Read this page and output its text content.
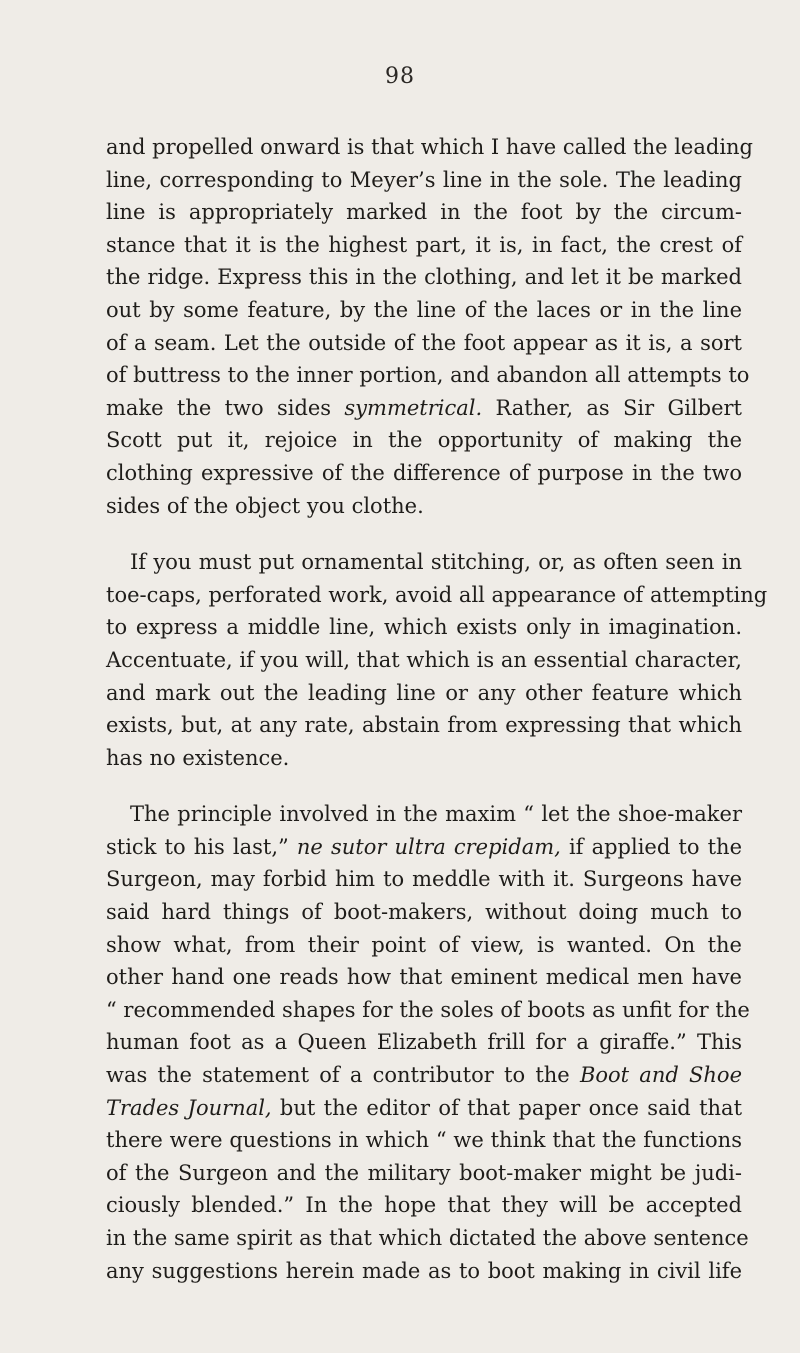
98
and propelled onward is that which I have called the leading
line, corresponding to Meyer’s line in the sole. The leading
line is appropriately marked in the foot by the circum-
stance that it is the highest part, it is, in fact, the crest of
the ridge. Express this in the clothing, and let it be marked
out by some feature, by the line of the laces or in the line
of a seam. Let the outside of the foot appear as it is, a sort
of buttress to the inner portion, and abandon all attempts to
make the two sides symmetrical. Rather, as Sir Gilbert
Scott put it, rejoice in the opportunity of making the
clothing expressive of the difference of purpose in the two
sides of the object you clothe.
If you must put ornamental stitching, or, as often seen in
toe-caps, perforated work, avoid all appearance of attempting
to express a middle line, which exists only in imagination.
Accentuate, if you will, that which is an essential character,
and mark out the leading line or any other feature which
exists, but, at any rate, abstain from expressing that which
has no existence.
The principle involved in the maxim “ let the shoe-maker
stick to his last,” ne sutor ultra crepidam, if applied to the
Surgeon, may forbid him to meddle with it. Surgeons have
said hard things of boot-makers, without doing much to
show what, from their point of view, is wanted. On the
other hand one reads how that eminent medical men have
“ recommended shapes for the soles of boots as unfit for the
human foot as a Queen Elizabeth frill for a giraffe.” This
was the statement of a contributor to the Boot and Shoe
Trades Journal, but the editor of that paper once said that
there were questions in which “ we think that the functions
of the Surgeon and the military boot-maker might be judi-
ciously blended.” In the hope that they will be accepted
in the same spirit as that which dictated the above sentence
any suggestions herein made as to boot making in civil life
